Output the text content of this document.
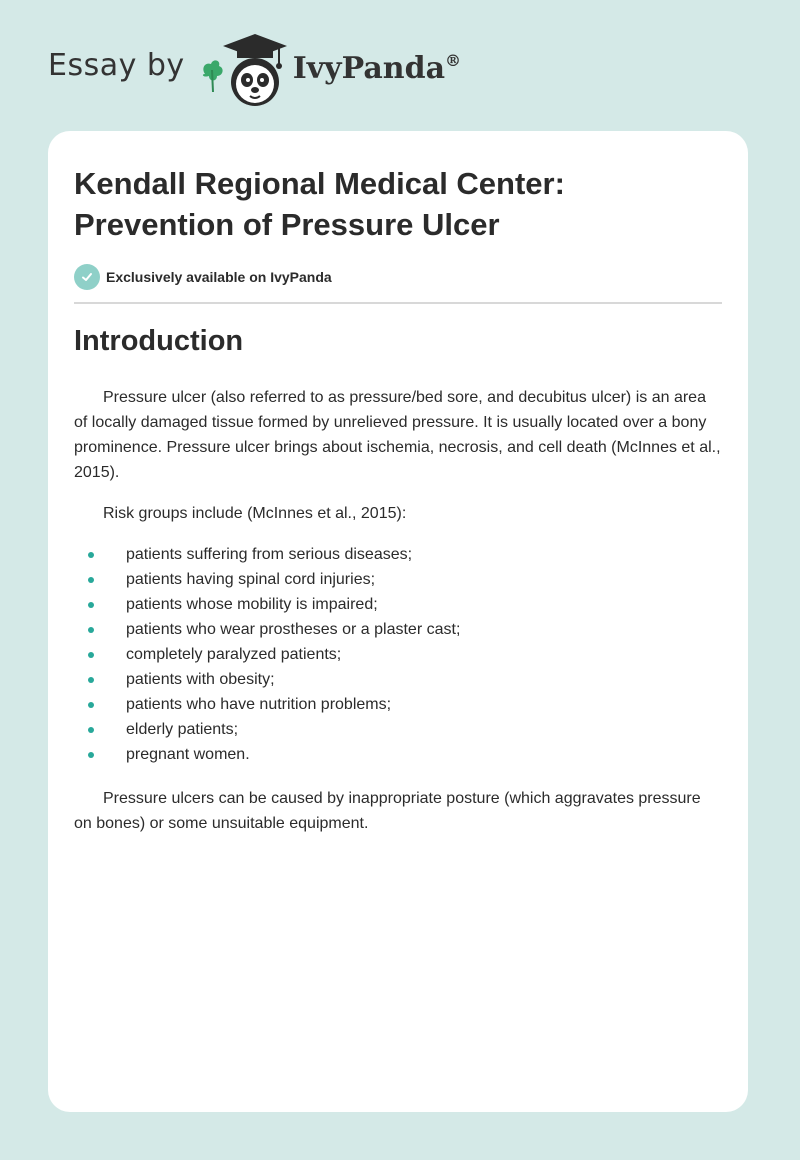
Essay by	IvyPanda®
Kendall Regional Medical Center: Prevention of Pressure Ulcer
Exclusively available on IvyPanda
Introduction

Pressure ulcer (also referred to as pressure/bed sore, and decubitus ulcer) is an area of locally damaged tissue formed by unrelieved pressure. It is usually located over a bony prominence. Pressure ulcer brings about ischemia, necrosis, and cell death (McInnes et al., 2015).

Risk groups include (McInnes et al., 2015):

patients suffering from serious diseases;
patients having spinal cord injuries;
patients whose mobility is impaired;
patients who wear prostheses or a plaster cast;
completely paralyzed patients;
patients with obesity;
patients who have nutrition problems;
elderly patients;
pregnant women.

Pressure ulcers can be caused by inappropriate posture (which aggravates pressure on bones) or some unsuitable equipment.
